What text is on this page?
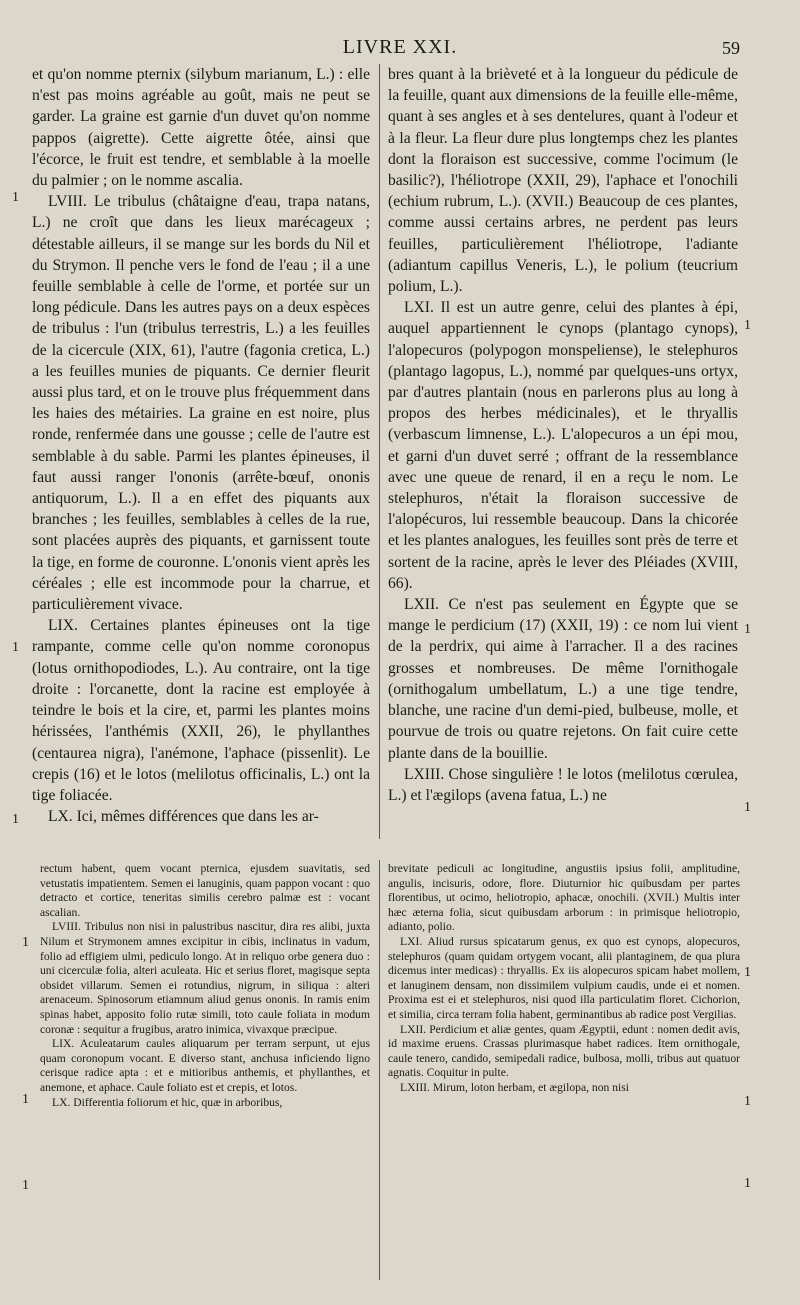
LIVRE XXI.	59
1
1
1
1
1
1
1
1
1
1
1
1

et qu'on nomme pternix (silybum marianum, L.) : elle n'est pas moins agréable au goût, mais ne peut se garder. La graine est garnie d'un duvet qu'on nomme pappos (aigrette). Cette aigrette ôtée, ainsi que l'écorce, le fruit est tendre, et semblable à la moelle du palmier ; on le nomme ascalia.

LVIII. Le tribulus (châtaigne d'eau, trapa natans, L.) ne croît que dans les lieux marécageux ; détestable ailleurs, il se mange sur les bords du Nil et du Strymon. Il penche vers le fond de l'eau ; il a une feuille semblable à celle de l'orme, et portée sur un long pédicule. Dans les autres pays on a deux espèces de tribulus : l'un (tribulus terrestris, L.) a les feuilles de la cicercule (XIX, 61), l'autre (fagonia cretica, L.) a les feuilles munies de piquants. Ce dernier fleurit aussi plus tard, et on le trouve plus fréquemment dans les haies des métairies. La graine en est noire, plus ronde, renfermée dans une gousse ; celle de l'autre est semblable à du sable. Parmi les plantes épineuses, il faut aussi ranger l'ononis (arrête-bœuf, ononis antiquorum, L.). Il a en effet des piquants aux branches ; les feuilles, semblables à celles de la rue, sont placées auprès des piquants, et garnissent toute la tige, en forme de couronne. L'ononis vient après les céréales ; elle est incommode pour la charrue, et particulièrement vivace.

LIX. Certaines plantes épineuses ont la tige rampante, comme celle qu'on nomme coronopus (lotus ornithopodiodes, L.). Au contraire, ont la tige droite : l'orcanette, dont la racine est employée à teindre le bois et la cire, et, parmi les plantes moins hérissées, l'anthémis (XXII, 26), le phyllanthes (centaurea nigra), l'anémone, l'aphace (pissenlit). Le crepis (16) et le lotos (melilotus officinalis, L.) ont la tige foliacée.

LX. Ici, mêmes différences que dans les ar-

bres quant à la brièveté et à la longueur du pédicule de la feuille, quant aux dimensions de la feuille elle-même, quant à ses angles et à ses dentelures, quant à l'odeur et à la fleur. La fleur dure plus longtemps chez les plantes dont la floraison est successive, comme l'ocimum (le basilic?), l'héliotrope (XXII, 29), l'aphace et l'onochili (echium rubrum, L.). (XVII.) Beaucoup de ces plantes, comme aussi certains arbres, ne perdent pas leurs feuilles, particulièrement l'héliotrope, l'adiante (adiantum capillus Veneris, L.), le polium (teucrium polium, L.).

LXI. Il est un autre genre, celui des plantes à épi, auquel appartiennent le cynops (plantago cynops), l'alopecuros (polypogon monspeliense), le stelephuros (plantago lagopus, L.), nommé par quelques-uns ortyx, par d'autres plantain (nous en parlerons plus au long à propos des herbes médicinales), et le thryallis (verbascum limnense, L.). L'alopecuros a un épi mou, et garni d'un duvet serré ; offrant de la ressemblance avec une queue de renard, il en a reçu le nom. Le stelephuros, n'était la floraison successive de l'alopécuros, lui ressemble beaucoup. Dans la chicorée et les plantes analogues, les feuilles sont près de terre et sortent de la racine, après le lever des Pléiades (XVIII, 66).

LXII. Ce n'est pas seulement en Égypte que se mange le perdicium (17) (XXII, 19) : ce nom lui vient de la perdrix, qui aime à l'arracher. Il a des racines grosses et nombreuses. De même l'ornithogale (ornithogalum umbellatum, L.) a une tige tendre, blanche, une racine d'un demi-pied, bulbeuse, molle, et pourvue de trois ou quatre rejetons. On fait cuire cette plante dans de la bouillie.

LXIII. Chose singulière ! le lotos (melilotus cœrulea, L.) et l'ægilops (avena fatua, L.) ne

rectum habent, quem vocant pternica, ejusdem suavitatis, sed vetustatis impatientem. Semen ei lanuginis, quam pappon vocant : quo detracto et cortice, teneritas similis cerebro palmæ est : vocant ascalian.

LVIII. Tribulus non nisi in palustribus nascitur, dira res alibi, juxta Nilum et Strymonem amnes excipitur in cibis, inclinatus in vadum, folio ad effigiem ulmi, pediculo longo. At in reliquo orbe genera duo : uni cicerculæ folia, alteri aculeata. Hic et serius floret, magisque septa obsidet villarum. Semen ei rotundius, nigrum, in siliqua : alteri arenaceum. Spinosorum etiamnum aliud genus ononis. In ramis enim spinas habet, apposito folio rutæ simili, toto caule foliata in modum coronæ : sequitur a frugibus, aratro inimica, vivaxque præcipue.

LIX. Aculeatarum caules aliquarum per terram serpunt, ut ejus quam coronopum vocant. E diverso stant, anchusa inficiendo ligno cerisque radice apta : et e mitioribus anthemis, et phyllanthes, et anemone, et aphace. Caule foliato est et crepis, et lotos.

LX. Differentia foliorum et hic, quæ in arboribus,

brevitate pediculi ac longitudine, angustiis ipsius folii, amplitudine, angulis, incisuris, odore, flore. Diuturnior hic quibusdam per partes florentibus, ut ocimo, heliotropio, aphacæ, onochili. (XVII.) Multis inter hæc æterna folia, sicut quibusdam arborum : in primisque heliotropio, adianto, polio.

LXI. Aliud rursus spicatarum genus, ex quo est cynops, alopecuros, stelephuros (quam quidam ortygem vocant, alii plantaginem, de qua plura dicemus inter medicas) : thryallis. Ex iis alopecuros spicam habet mollem, et lanuginem densam, non dissimilem vulpium caudis, unde ei et nomen. Proxima est ei et stelephuros, nisi quod illa particulatim floret. Cichorion, et similia, circa terram folia habent, germinantibus ab radice post Vergilias.

LXII. Perdicium et aliæ gentes, quam Ægyptii, edunt : nomen dedit avis, id maxime eruens. Crassas plurimasque habet radices. Item ornithogale, caule tenero, candido, semipedali radice, bulbosa, molli, tribus aut quatuor agnatis. Coquitur in pulte.

LXIII. Mirum, loton herbam, et ægilopa, non nisi
